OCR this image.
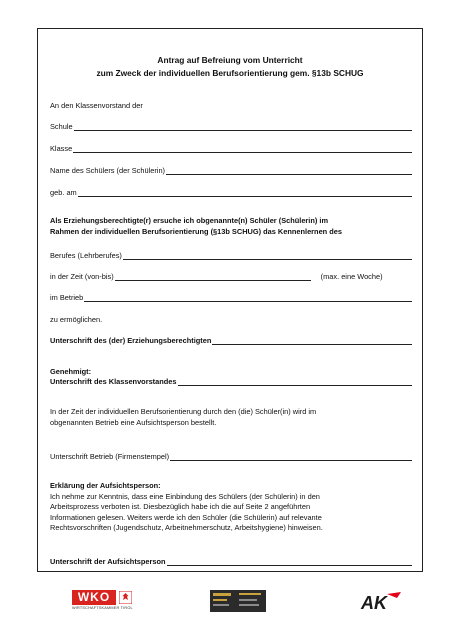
Antrag auf Befreiung vom Unterricht
zum Zweck der individuellen Berufsorientierung gem. §13b SCHUG
An den Klassenvorstand der
Schule
Klasse
Name des Schülers (der Schülerin)
geb. am
Als Erziehungsberechtigte(r) ersuche ich obgenannte(n) Schüler (Schülerin) im
Rahmen der individuellen Berufsorientierung (§13b SCHUG) das Kennenlernen des
Berufes (Lehrberufes)
in der Zeit (von-bis)	(max. eine Woche)
im Betrieb
zu ermöglichen.
Unterschrift des (der) Erziehungsberechtigten
Genehmigt:
Unterschrift des Klassenvorstandes
In der Zeit der individuellen Berufsorientierung durch den (die) Schüler(in) wird im
obgenannten Betrieb eine Aufsichtsperson bestellt.
Unterschrift Betrieb (Firmenstempel)
Erklärung der Aufsichtsperson:
Ich nehme zur Kenntnis, dass eine Einbindung des Schülers (der Schülerin) in den
Arbeitsprozess verboten ist. Diesbezüglich habe ich die auf Seite 2 angeführten
Informationen gelesen. Weiters werde ich den Schüler (die Schülerin) auf relevante
Rechtsvorschriften (Jugendschutz, Arbeitnehmerschutz, Arbeitshygiene) hinweisen.
Unterschrift der Aufsichtsperson
WKO
WIRTSCHAFTSKAMMER TIROL	AK
